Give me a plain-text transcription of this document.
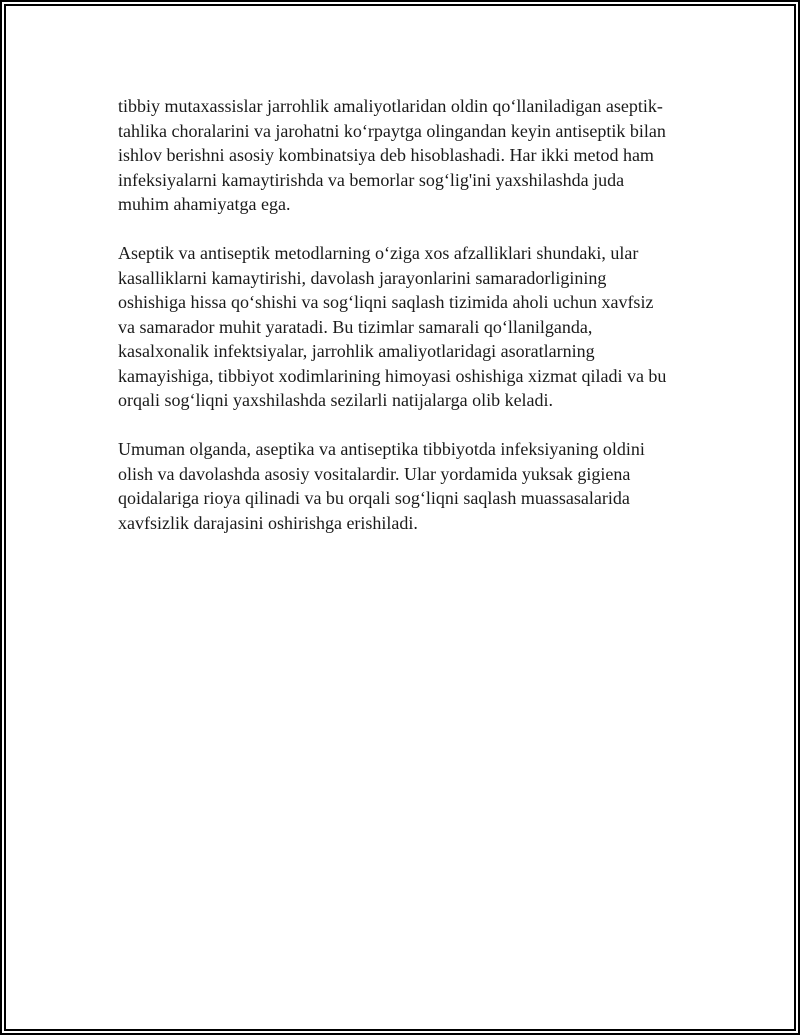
tibbiy mutaxassislar jarrohlik amaliyotlaridan oldin qo‘llaniladigan aseptik-
tahlika choralarini va jarohatni ko‘rpaytga olingandan keyin antiseptik bilan
ishlov berishni asosiy kombinatsiya deb hisoblashadi. Har ikki metod ham
infeksiyalarni kamaytirishda va bemorlar sog‘lig'ini yaxshilashda juda
muhim ahamiyatga ega.

Aseptik va antiseptik metodlarning o‘ziga xos afzalliklari shundaki, ular
kasalliklarni kamaytirishi, davolash jarayonlarini samaradorligining
oshishiga hissa qo‘shishi va sog‘liqni saqlash tizimida aholi uchun xavfsiz
va samarador muhit yaratadi. Bu tizimlar samarali qo‘llanilganda,
kasalxonalik infektsiyalar, jarrohlik amaliyotlaridagi asoratlarning
kamayishiga, tibbiyot xodimlarining himoyasi oshishiga xizmat qiladi va bu
orqali sog‘liqni yaxshilashda sezilarli natijalarga olib keladi.

Umuman olganda, aseptika va antiseptika tibbiyotda infeksiyaning oldini
olish va davolashda asosiy vositalardir. Ular yordamida yuksak gigiena
qoidalariga rioya qilinadi va bu orqali sog‘liqni saqlash muassasalarida
xavfsizlik darajasini oshirishga erishiladi.
